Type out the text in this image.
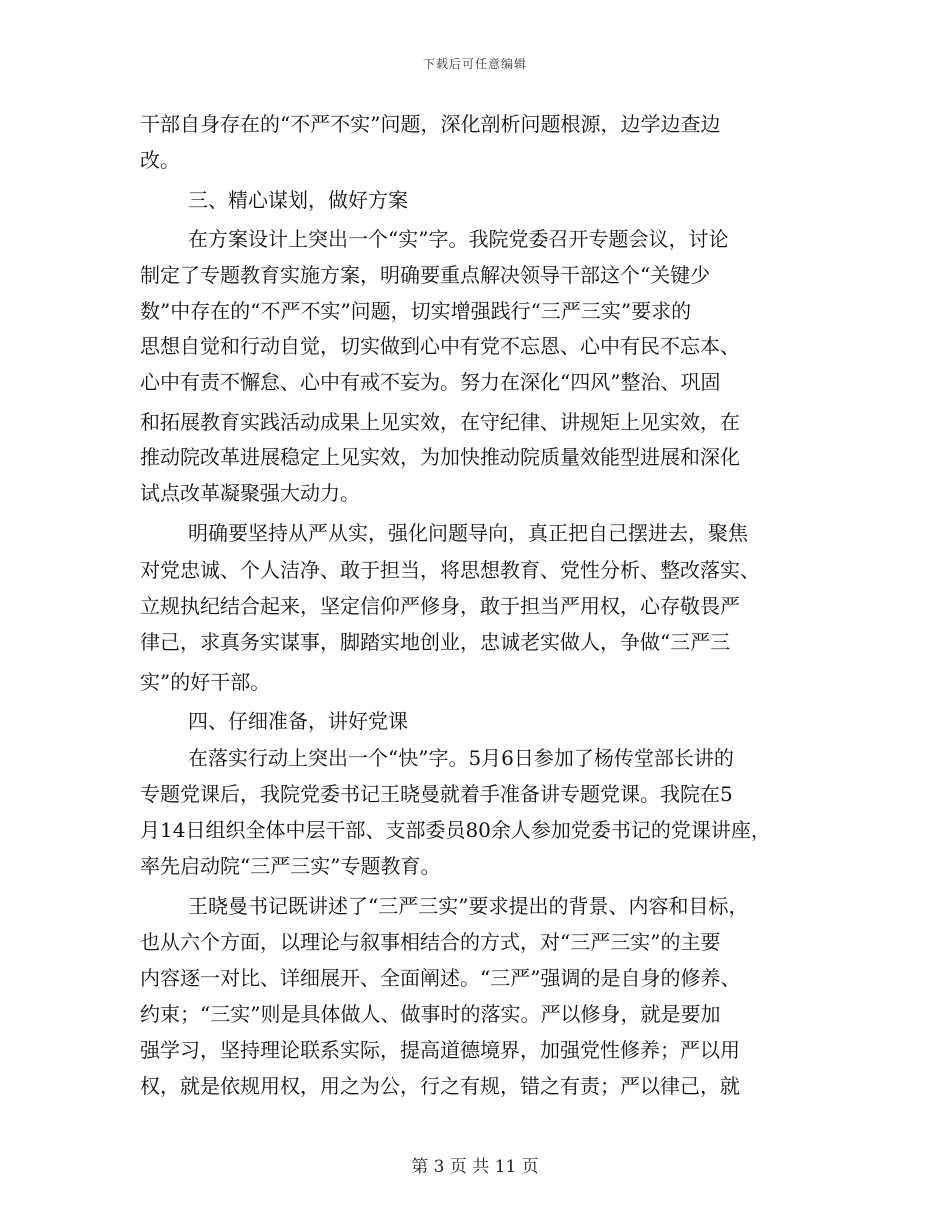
下载后可任意编辑
干部自身存在的“不严不实”问题，深化剖析问题根源，边学边查边
改。
三、精心谋划，做好方案
在方案设计上突出一个“实”字。我院党委召开专题会议，讨论
制定了专题教育实施方案，明确要重点解决领导干部这个“关键少
数”中存在的“不严不实”问题，切实增强践行“三严三实”要求的
思想自觉和行动自觉，切实做到心中有党不忘恩、心中有民不忘本、
心中有责不懈怠、心中有戒不妄为。努力在深化“四风”整治、巩固
和拓展教育实践活动成果上见实效，在守纪律、讲规矩上见实效，在
推动院改革进展稳定上见实效，为加快推动院质量效能型进展和深化
试点改革凝聚强大动力。
明确要坚持从严从实，强化问题导向，真正把自己摆进去，聚焦
对党忠诚、个人洁净、敢于担当，将思想教育、党性分析、整改落实、
立规执纪结合起来，坚定信仰严修身，敢于担当严用权，心存敬畏严
律己，求真务实谋事，脚踏实地创业，忠诚老实做人，争做“三严三
实”的好干部。
四、仔细准备，讲好党课
在落实行动上突出一个“快”字。5月6日参加了杨传堂部长讲的
专题党课后，我院党委书记王晓曼就着手准备讲专题党课。我院在5
月14日组织全体中层干部、支部委员80余人参加党委书记的党课讲座，
率先启动院“三严三实”专题教育。
王晓曼书记既讲述了“三严三实”要求提出的背景、内容和目标，
也从六个方面，以理论与叙事相结合的方式，对“三严三实”的主要
内容逐一对比、详细展开、全面阐述。“三严”强调的是自身的修养、
约束；“三实”则是具体做人、做事时的落实。严以修身，就是要加
强学习，坚持理论联系实际，提高道德境界，加强党性修养；严以用
权，就是依规用权，用之为公，行之有规，错之有责；严以律己，就
第 3 页 共 11 页
